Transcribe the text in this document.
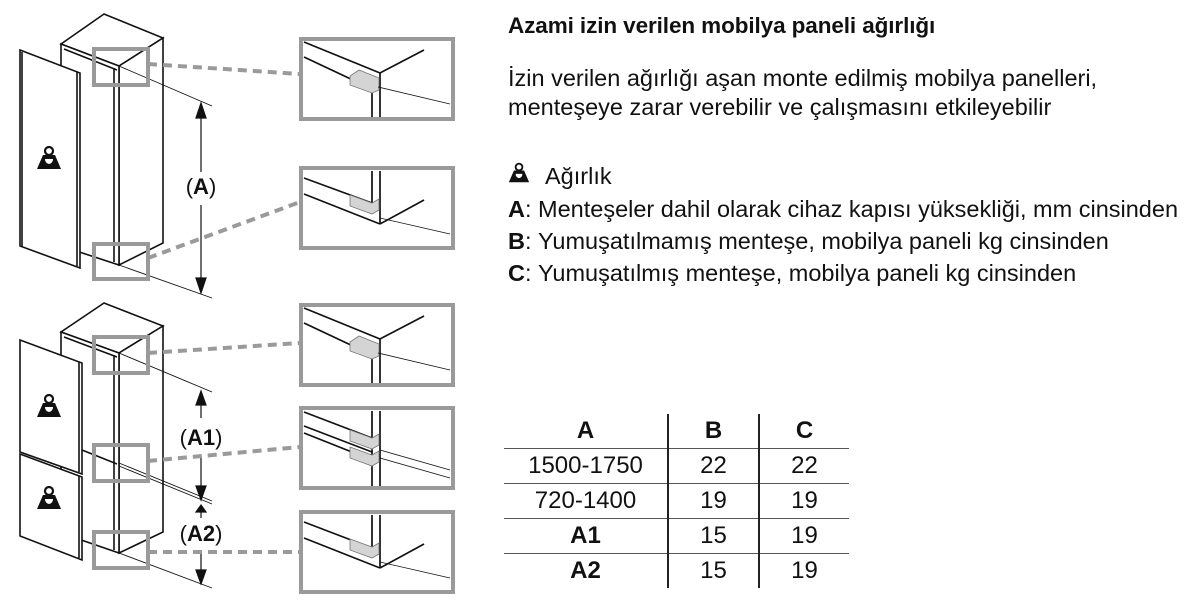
(A)
(A1)
(A2)
Azami izin verilen mobilya paneli ağırlığı
İzin verilen ağırlığı aşan monte edilmiş mobilya panelleri, menteşeye zarar verebilir ve çalışmasını etkileyebilir
Ağırlık
A: Menteşeler dahil olarak cihaz kapısı yüksekliği, mm cinsinden
B: Yumuşatılmamış menteşe, mobilya paneli kg cinsinden
C: Yumuşatılmış menteşe, mobilya paneli kg cinsinden
A	B	C
1500-1750	22	22
720-1400	19	19
A1	15	19
A2	15	19
